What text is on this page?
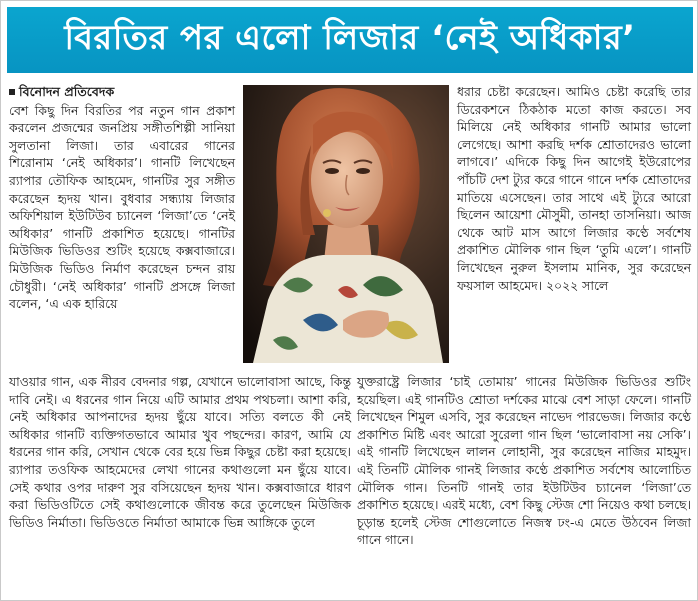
বিরতির পর এলো লিজার ‘নেই অধিকার’
বিনোদন প্রতিবেদক

বেশ কিছু দিন বিরতির পর নতুন গান প্রকাশ করলেন প্রজন্মের জনপ্রিয় সঙ্গীতশিল্পী সানিয়া সুলতানা লিজা। তার এবারের গানের শিরোনাম ‘নেই অধিকার’। গানটি লিখেছেন র‍্যাপার তৌফিক আহমেদ, গানটির সুর সঙ্গীত করেছেন হৃদয় খান। বুধবার সন্ধ্যায় লিজার অফিশিয়াল ইউটিউব চ্যানেল ‘লিজা’তে ‘নেই অধিকার’ গানটি প্রকাশিত হয়েছে। গানটির মিউজিক ভিডিওর শুটিং হয়েছে কক্সবাজারে। মিউজিক ভিডিও নির্মাণ করেছেন চন্দন রায় চৌধুরী। ‘নেই অধিকার’ গানটি প্রসঙ্গে লিজা বলেন, ‘এ এক হারিয়ে

ধরার চেষ্টা করেছেন। আমিও চেষ্টা করেছি তার ডিরেকশনে ঠিকঠাক মতো কাজ করতে। সব মিলিয়ে নেই অধিকার গানটি আমার ভালো লেগেছে। আশা করছি দর্শক শ্রোতাদেরও ভালো লাগবে।’ এদিকে কিছু দিন আগেই ইউরোপের পাঁচটি দেশ ট্যুর করে গানে গানে দর্শক শ্রোতাদের মাতিয়ে এসেছেন। তার সাথে এই ট্যুরে আরো ছিলেন আয়েশা মৌসুমী, তানহা তাসনিয়া। আজ থেকে আট মাস আগে লিজার কণ্ঠে সর্বশেষ প্রকাশিত মৌলিক গান ছিল ‘তুমি এলে’। গানটি লিখেছেন নুরুল ইসলাম মানিক, সুর করেছেন ফয়সাল আহমেদ। ২০২২ সালে

যাওয়ার গান, এক নীরব বেদনার গল্প, যেখানে ভালোবাসা আছে, কিন্তু দাবি নেই। এ ধরনের গান নিয়ে এটি আমার প্রথম পথচলা। আশা করি, নেই অধিকার আপনাদের হৃদয় ছুঁয়ে যাবে। সত্যি বলতে কী নেই অধিকার গানটি ব্যক্তিগতভাবে আমার খুব পছন্দের। কারণ, আমি যে ধরনের গান করি, সেখান থেকে বের হয়ে ভিন্ন কিছুর চেষ্টা করা হয়েছে। র‍্যাপার তওফিক আহমেদের লেখা গানের কথাগুলো মন ছুঁয়ে যাবে। সেই কথার ওপর দারুণ সুর বসিয়েছেন হৃদয় খান। কক্সবাজারে ধারণ করা ভিডিওটিতে সেই কথাগুলোকে জীবন্ত করে তুলেছেন মিউজিক ভিডিও নির্মাতা। ভিডিওতে নির্মাতা আমাকে ভিন্ন আঙ্গিকে তুলে

যুক্তরাষ্ট্রে লিজার ‘চাই তোমায়’ গানের মিউজিক ভিডিওর শুটিং হয়েছিল। এই গানটিও শ্রোতা দর্শকের মাঝে বেশ সাড়া ফেলে। গানটি লিখেছেন শিমুল এসবি, সুর করেছেন নাভেদ পারভেজ। লিজার কণ্ঠে প্রকাশিত মিষ্টি এবং আরো সুরেলা গান ছিল ‘ভালোবাসা নয় সেকি’। এই গানটি লিখেছেন লালন লোহানী, সুর করেছেন নাজির মাহমুদ। এই তিনটি মৌলিক গানই লিজার কণ্ঠে প্রকাশিত সর্বশেষ আলোচিত মৌলিক গান। তিনটি গানই তার ইউটিউব চ্যানেল ‘লিজা’তে প্রকাশিত হয়েছে। এরই মধ্যে, বেশ কিছু স্টেজ শো নিয়েও কথা চলছে। চূড়ান্ত হলেই স্টেজ শোগুলোতে নিজস্ব ঢং-এ মেতে উঠবেন লিজা গানে গানে।
